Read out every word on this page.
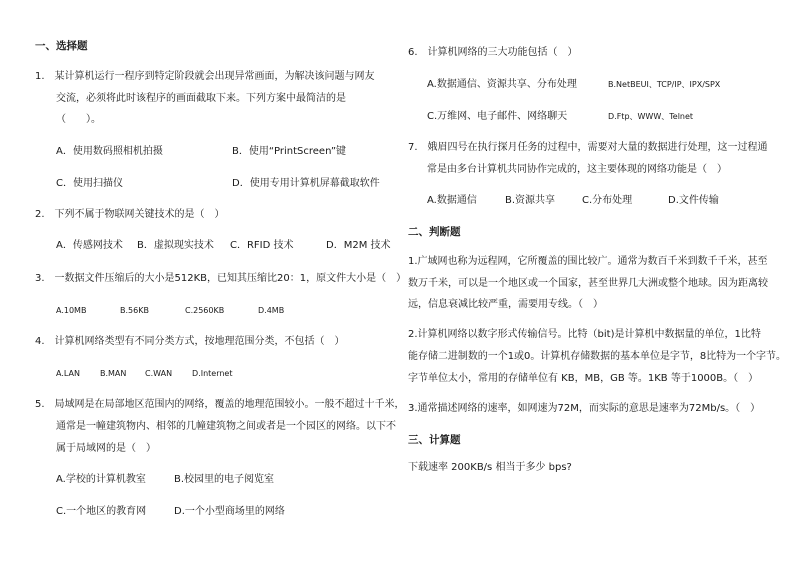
一、选择题
1.　某计算机运行一程序到特定阶段就会出现异常画面，为解决该问题与网友
交流，必须将此时该程序的画面截取下来。下列方案中最简洁的是
（　　）。
A．使用数码照相机拍摄	B．使用“PrintScreen”键
C．使用扫描仪	D．使用专用计算机屏幕截取软件
2.　下列不属于物联网关键技术的是（　）
A．传感网技术 B．虚拟现实技术 C．RFID 技术	D．M2M 技术
3.　一数据文件压缩后的大小是512KB，已知其压缩比20：1，原文件大小是（　）
A.10MB	B.56KB	C.2560KB	D.4MB
4.　计算机网络类型有不同分类方式，按地理范围分类，不包括（　）
A.LAN	B.MAN C.WAN D.Internet
5.　局域网是在局部地区范围内的网络，覆盖的地理范围较小。一般不超过十千米，
通常是一幢建筑物内、相邻的几幢建筑物之间或者是一个园区的网络。以下不
属于局域网的是（　）
A.学校的计算机教室	B.校园里的电子阅览室
C.一个地区的教育网	D.一个小型商场里的网络
6.　计算机网络的三大功能包括（　）
A.数据通信、资源共享、分布处理	B.NetBEUI、TCP/IP、IPX/SPX
C.万维网、电子邮件、网络聊天	D.Ftp、WWW、Telnet
7.　娥眉四号在执行探月任务的过程中，需要对大量的数据进行处理，这一过程通
常是由多台计算机共同协作完成的，这主要体现的网络功能是（　）
A.数据通信	B.资源共享	C.分布处理	D.文件传输
二、判断题
1.广域网也称为远程网，它所覆盖的围比较广。通常为数百千米到数千千米，甚至
数万千米，可以是一个地区或一个国家，甚至世界几大洲或整个地球。因为距离较
远，信息衰减比较严重，需要用专线。（　）
2.计算机网络以数字形式传输信号。比特（bit)是计算机中数据量的单位，1比特
能存储二进制数的一个1或0。计算机存储数据的基本单位是字节，8比特为一个字节。
字节单位太小，常用的存储单位有 KB，MB，GB 等。1KB 等于1000B。（　）
3.通常描述网络的速率，如网速为72M，而实际的意思是速率为72Mb/s。（　）
三、计算题
下载速率 200KB/s 相当于多少 bps?
